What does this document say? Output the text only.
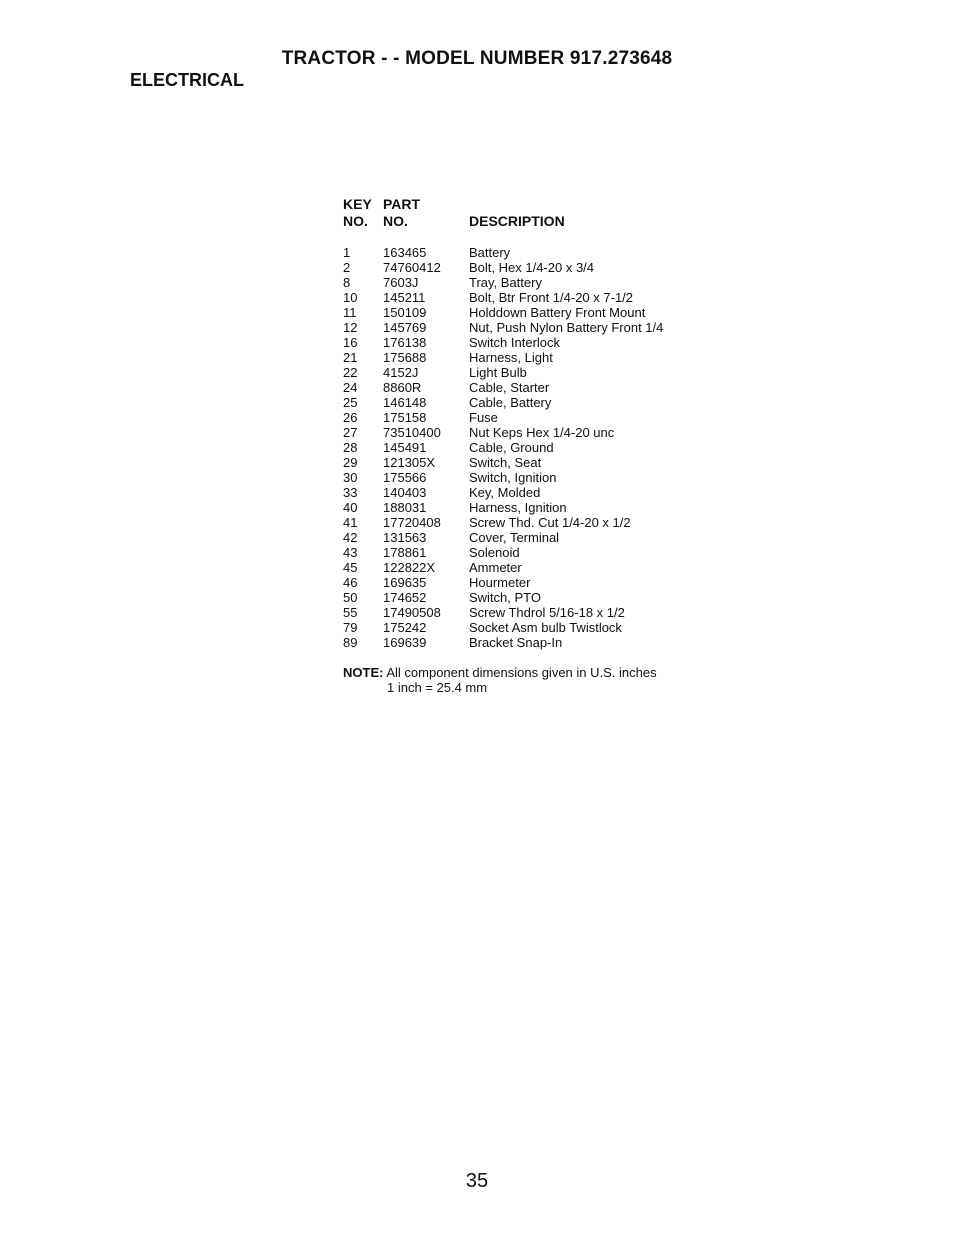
TRACTOR - - MODEL NUMBER 917.273648
ELECTRICAL
KEY PART
NO. NO.	DESCRIPTION
1	163465	Battery
2	74760412 Bolt, Hex 1/4-20 x 3/4
8	7603J	Tray, Battery
10 145211	Bolt, Btr Front 1/4-20 x 7-1/2
11 150109	Holddown Battery Front Mount
12 145769	Nut, Push Nylon Battery Front 1/4
16 176138	Switch Interlock
21 175688	Harness, Light
22 4152J	Light Bulb
24 8860R	Cable, Starter
25 146148	Cable, Battery
26 175158	Fuse
27 73510400 Nut Keps Hex 1/4-20 unc
28 145491	Cable, Ground
29 121305X	Switch, Seat
30 175566	Switch, Ignition
33 140403	Key, Molded
40 188031	Harness, Ignition
41 17720408 Screw Thd. Cut 1/4-20 x 1/2
42 131563	Cover, Terminal
43 178861	Solenoid
45 122822X	Ammeter
46 169635	Hourmeter
50 174652	Switch, PTO
55 17490508 Screw Thdrol 5/16-18 x 1/2
79 175242	Socket Asm bulb Twistlock
89 169639	Bracket Snap-In
NOTE: All component dimensions given in U.S. inches
1 inch = 25.4 mm
35
